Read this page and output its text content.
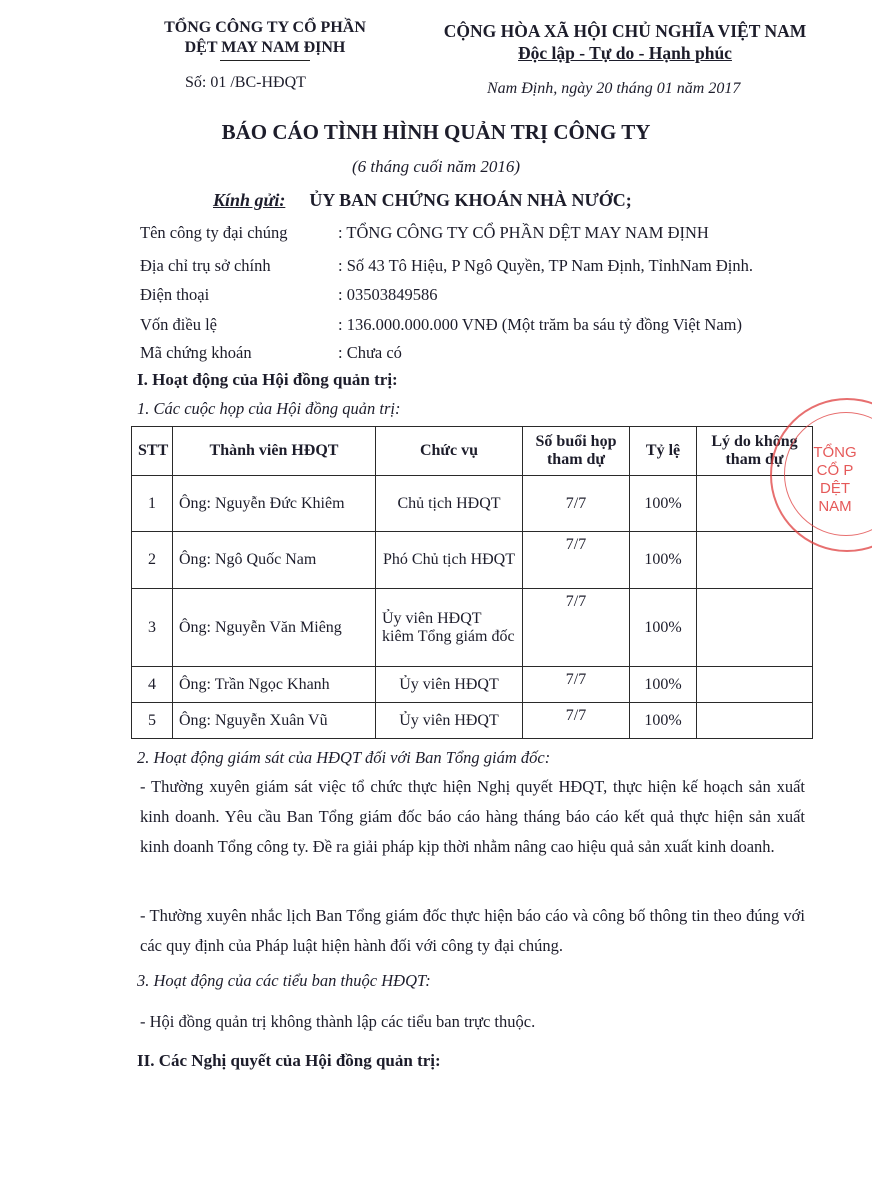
TỔNG CÔNG TY CỔ PHẦN
DỆT MAY NAM ĐỊNH
Số: 01 /BC-HĐQT
CỘNG HÒA XÃ HỘI CHỦ NGHĨA VIỆT NAM
Độc lập - Tự do - Hạnh phúc
Nam Định, ngày 20 tháng 01 năm 2017
BÁO CÁO TÌNH HÌNH QUẢN TRỊ CÔNG TY
(6 tháng cuối năm 2016)
Kính gửi: ỦY BAN CHỨNG KHOÁN NHÀ NƯỚC;
Tên công ty đại chúng	: TỔNG CÔNG TY CỔ PHẦN DỆT MAY NAM ĐỊNH
Địa chỉ trụ sở chính	: Số 43 Tô Hiệu, P Ngô Quyền, TP Nam Định, TỉnhNam Định.
Điện thoại	: 03503849586
Vốn điều lệ	: 136.000.000.000 VNĐ (Một trăm ba sáu tỷ đồng Việt Nam)
Mã chứng khoán	: Chưa có
I. Hoạt động của Hội đồng quản trị:
1. Các cuộc họp của Hội đồng quản trị:
STT	Thành viên HĐQT	Chức vụ	Số buổi họp tham dự	Tỷ lệ	Lý do không tham dự
1	Ông: Nguyễn Đức Khiêm	Chủ tịch HĐQT	7/7	100%	
2	Ông: Ngô Quốc Nam	Phó Chủ tịch HĐQT	7/7	100%	
3	Ông: Nguyễn Văn Miêng	Ủy viên HĐQT kiêm Tổng giám đốc	7/7	100%	
4	Ông: Trần Ngọc Khanh	Ủy viên HĐQT	7/7	100%	
5	Ông: Nguyễn Xuân Vũ	Ủy viên HĐQT	7/7	100%	
2. Hoạt động giám sát của HĐQT đối với Ban Tổng giám đốc:
- Thường xuyên giám sát việc tổ chức thực hiện Nghị quyết HĐQT, thực hiện kế hoạch sản xuất kinh doanh. Yêu cầu Ban Tổng giám đốc báo cáo hàng tháng báo cáo kết quả thực hiện sản xuất kinh doanh Tổng công ty. Đề ra giải pháp kịp thời nhằm nâng cao hiệu quả sản xuất kinh doanh.
- Thường xuyên nhắc lịch Ban Tổng giám đốc thực hiện báo cáo và công bố thông tin theo đúng với các quy định của Pháp luật hiện hành đối với công ty đại chúng.
3. Hoạt động của các tiểu ban thuộc HĐQT:
- Hội đồng quản trị không thành lập các tiểu ban trực thuộc.
II. Các Nghị quyết của Hội đồng quản trị:
TỔNG CỔ P DỆT NAM
